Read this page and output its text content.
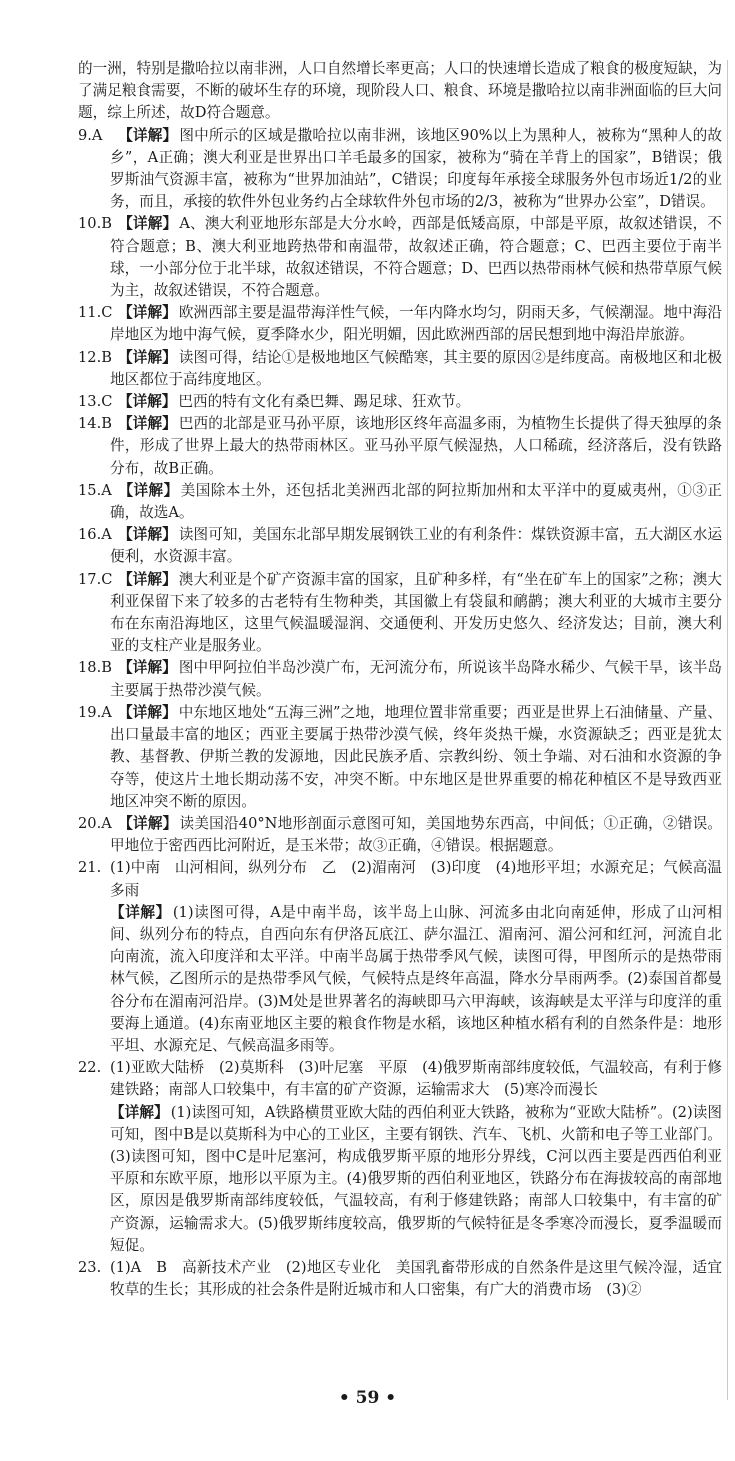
的一洲，特别是撒哈拉以南非洲，人口自然增长率更高；人口的快速增长造成了粮食的极度短缺，为了满足粮食需要，不断的破坏生存的环境，现阶段人口、粮食、环境是撒哈拉以南非洲面临的巨大问题，综上所述，故D符合题意。

9.A 【详解】 图中所示的区域是撒哈拉以南非洲，该地区90%以上为黑种人，被称为“黑种人的故乡”，A正确；澳大利亚是世界出口羊毛最多的国家，被称为“骑在羊背上的国家”，B错误；俄罗斯油气资源丰富，被称为“世界加油站”，C错误；印度每年承接全球服务外包市场近1/2的业务，而且，承接的软件外包业务约占全球软件外包市场的2/3，被称为“世界办公室”，D错误。

10.B 【详解】 A、澳大利亚地形东部是大分水岭，西部是低矮高原，中部是平原，故叙述错误，不符合题意；B、澳大利亚地跨热带和南温带，故叙述正确，符合题意；C、巴西主要位于南半球，一小部分位于北半球，故叙述错误，不符合题意；D、巴西以热带雨林气候和热带草原气候为主，故叙述错误，不符合题意。

11.C 【详解】 欧洲西部主要是温带海洋性气候，一年内降水均匀，阴雨天多，气候潮湿。地中海沿岸地区为地中海气候，夏季降水少，阳光明媚，因此欧洲西部的居民想到地中海沿岸旅游。

12.B 【详解】 读图可得，结论①是极地地区气候酷寒，其主要的原因②是纬度高。南极地区和北极地区都位于高纬度地区。

13.C 【详解】 巴西的特有文化有桑巴舞、踢足球、狂欢节。

14.B 【详解】 巴西的北部是亚马孙平原，该地形区终年高温多雨，为植物生长提供了得天独厚的条件，形成了世界上最大的热带雨林区。亚马孙平原气候湿热，人口稀疏，经济落后，没有铁路分布，故B正确。

15.A 【详解】 美国除本土外，还包括北美洲西北部的阿拉斯加州和太平洋中的夏威夷州，①③正确，故选A。

16.A 【详解】 读图可知，美国东北部早期发展钢铁工业的有利条件：煤铁资源丰富，五大湖区水运便利，水资源丰富。

17.C 【详解】 澳大利亚是个矿产资源丰富的国家，且矿种多样，有“坐在矿车上的国家”之称；澳大利亚保留下来了较多的古老特有生物种类，其国徽上有袋鼠和鸸鹋；澳大利亚的大城市主要分布在东南沿海地区，这里气候温暖湿润、交通便利、开发历史悠久、经济发达；目前，澳大利亚的支柱产业是服务业。

18.B 【详解】 图中甲阿拉伯半岛沙漠广布，无河流分布，所说该半岛降水稀少、气候干旱，该半岛主要属于热带沙漠气候。

19.A 【详解】 中东地区地处“五海三洲”之地，地理位置非常重要；西亚是世界上石油储量、产量、出口量最丰富的地区；西亚主要属于热带沙漠气候，终年炎热干燥，水资源缺乏；西亚是犹太教、基督教、伊斯兰教的发源地，因此民族矛盾、宗教纠纷、领土争端、对石油和水资源的争夺等，使这片土地长期动荡不安，冲突不断。中东地区是世界重要的棉花种植区不是导致西亚地区冲突不断的原因。

20.A 【详解】 读美国沿40°N地形剖面示意图可知，美国地势东西高，中间低；①正确，②错误。甲地位于密西西比河附近，是玉米带；故③正确，④错误。根据题意。

21. (1)中南　山河相间，纵列分布　乙　(2)湄南河　(3)印度　(4)地形平坦；水源充足；气候高温多雨

【详解】 (1)读图可得，A是中南半岛，该半岛上山脉、河流多由北向南延伸，形成了山河相间、纵列分布的特点，自西向东有伊洛瓦底江、萨尔温江、湄南河、湄公河和红河，河流自北向南流，流入印度洋和太平洋。中南半岛属于热带季风气候，读图可得，甲图所示的是热带雨林气候，乙图所示的是热带季风气候，气候特点是终年高温，降水分旱雨两季。(2)泰国首都曼谷分布在湄南河沿岸。(3)M处是世界著名的海峡即马六甲海峡，该海峡是太平洋与印度洋的重要海上通道。(4)东南亚地区主要的粮食作物是水稻，该地区种植水稻有利的自然条件是：地形平坦、水源充足、气候高温多雨等。

22. (1)亚欧大陆桥　(2)莫斯科　(3)叶尼塞　平原　(4)俄罗斯南部纬度较低，气温较高，有利于修建铁路；南部人口较集中，有丰富的矿产资源，运输需求大　(5)寒冷而漫长

【详解】 (1)读图可知，A铁路横贯亚欧大陆的西伯利亚大铁路，被称为“亚欧大陆桥”。(2)读图可知，图中B是以莫斯科为中心的工业区，主要有钢铁、汽车、飞机、火箭和电子等工业部门。(3)读图可知，图中C是叶尼塞河，构成俄罗斯平原的地形分界线，C河以西主要是西西伯利亚平原和东欧平原，地形以平原为主。(4)俄罗斯的西伯利亚地区，铁路分布在海拔较高的南部地区，原因是俄罗斯南部纬度较低，气温较高，有利于修建铁路；南部人口较集中，有丰富的矿产资源，运输需求大。(5)俄罗斯纬度较高，俄罗斯的气候特征是冬季寒冷而漫长，夏季温暖而短促。

23. (1)A　B　高新技术产业　(2)地区专业化　美国乳畜带形成的自然条件是这里气候冷湿，适宜牧草的生长；其形成的社会条件是附近城市和人口密集，有广大的消费市场　(3)②

• 59 •
